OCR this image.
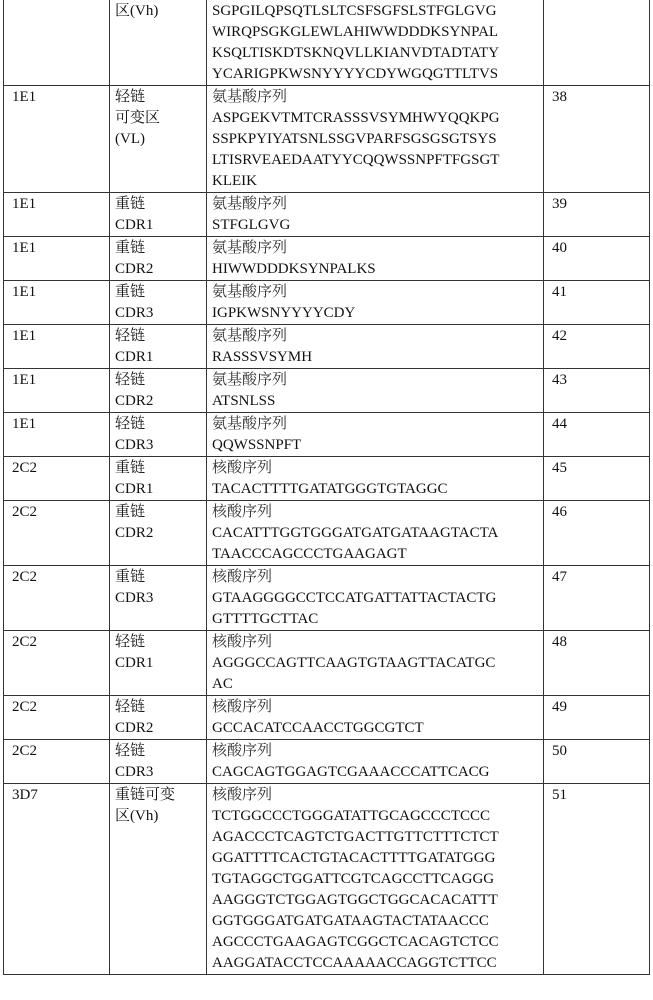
区(Vh)	SGPGILQPSQTLSLTCSFSGFSLSTFGLGVG
WIRQPSGKGLEWLAHIWWDDDKSYNPAL
KSQLTISKDTSKNQVLLKIANVDTADTATY
YCARIGPKWSNYYYYCDYWGQGTTLTVS

1E1	轻链
可变区
(VL)

氨基酸序列
ASPGEKVTMTCRASSSVSYMHWYQQKPG
SSPKPYIYATSNLSSGVPARFSGSGSGTSYS
LTISRVEAEDAATYYCQQWSSNPFTFGSGT
KLEIK

38

1E1	重链
CDR1

氨基酸序列
STFGLGVG

39

1E1	重链
CDR2

氨基酸序列
HIWWDDDKSYNPALKS

40

1E1	重链
CDR3

氨基酸序列
IGPKWSNYYYYCDY

41

1E1	轻链
CDR1

氨基酸序列
RASSSVSYMH

42

1E1	轻链
CDR2

氨基酸序列
ATSNLSS

43

1E1	轻链
CDR3

氨基酸序列
QQWSSNPFT

44

2C2	重链
CDR1

核酸序列
TACACTTTTGATATGGGTGTAGGC

45

2C2	重链
CDR2

核酸序列
CACATTTGGTGGGATGATGATAAGTACTA
TAACCCAGCCCTGAAGAGT

46

2C2	重链
CDR3

核酸序列
GTAAGGGGCCTCCATGATTATTACTACTG
GTTTTGCTTAC

47

2C2	轻链
CDR1

核酸序列
AGGGCCAGTTCAAGTGTAAGTTACATGC
AC

48

2C2	轻链
CDR2

核酸序列
GCCACATCCAACCTGGCGTCT

49

2C2	轻链
CDR3

核酸序列
CAGCAGTGGAGTCGAAACCCATTCACG

50

3D7	重链可变
区(Vh)

核酸序列
TCTGGCCCTGGGATATTGCAGCCCTCCC
AGACCCTCAGTCTGACTTGTTCTTTCTCT
GGATTTTCACTGTACACTTTTGATATGGG
TGTAGGCTGGATTCGTCAGCCTTCAGGG
AAGGGTCTGGAGTGGCTGGCACACATTT
GGTGGGATGATGATAAGTACTATAACCC
AGCCCTGAAGAGTCGGCTCACAGTCTCC
AAGGATACCTCCAAAAACCAGGTCTTCC

51
